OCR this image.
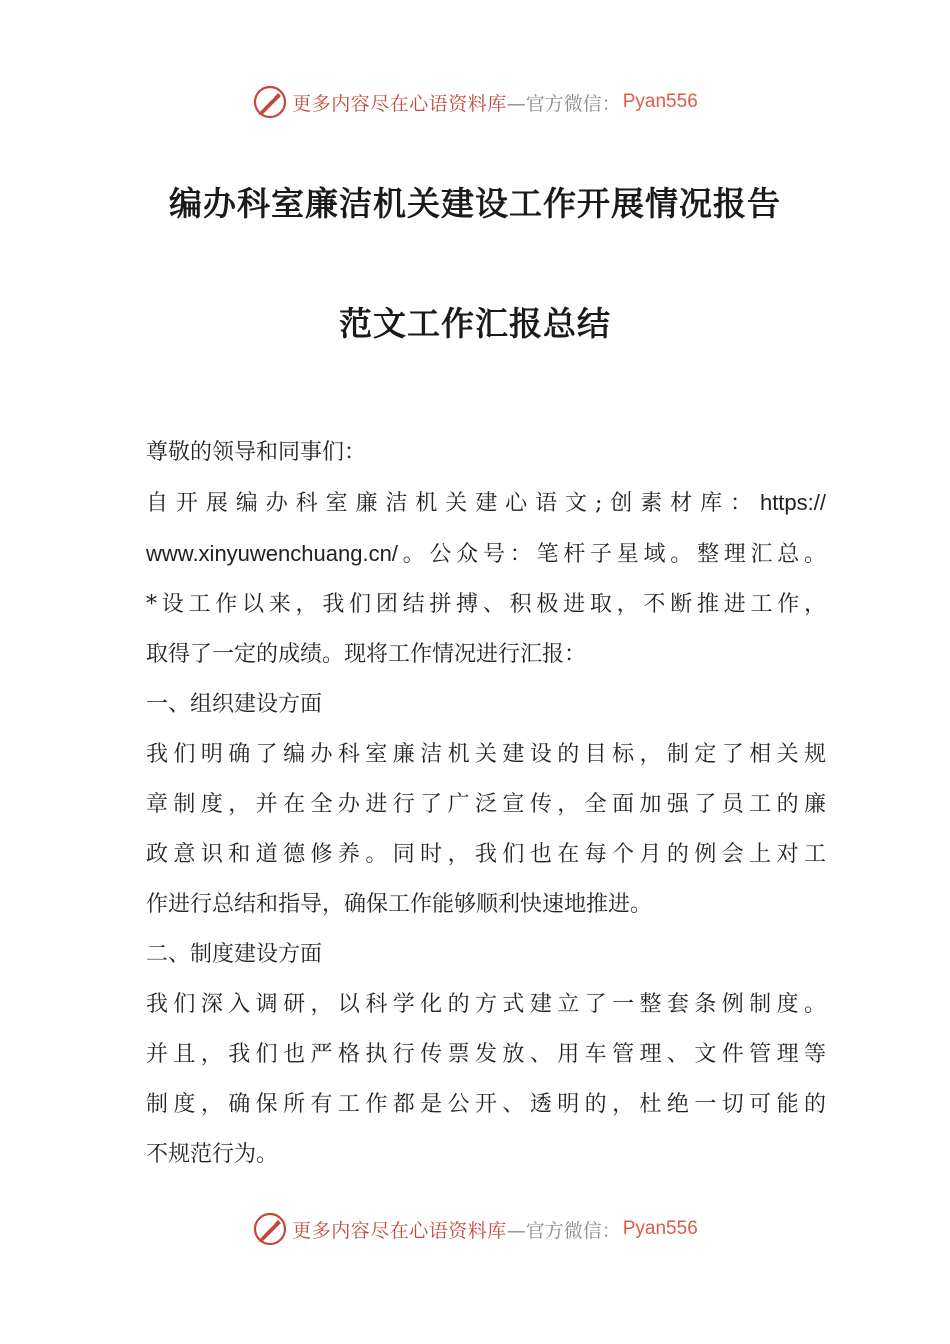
更多内容尽在心语资料库 —官方微信： Pyan556
编办科室廉洁机关建设工作开展情况报告
范文工作汇报总结

尊敬的领导和同事们：

自开展编办科室廉洁机关建心语文;创素材库：https://

www.xinyuwenchuang.cn/。公众号：笔杆子星域。整理汇总。

*设工作以来，我们团结拼搏、积极进取，不断推进工作，

取得了一定的成绩。现将工作情况进行汇报：

一、组织建设方面

我们明确了编办科室廉洁机关建设的目标，制定了相关规

章制度，并在全办进行了广泛宣传，全面加强了员工的廉

政意识和道德修养。同时，我们也在每个月的例会上对工

作进行总结和指导，确保工作能够顺利快速地推进。

二、制度建设方面

我们深入调研，以科学化的方式建立了一整套条例制度。

并且，我们也严格执行传票发放、用车管理、文件管理等

制度，确保所有工作都是公开、透明的，杜绝一切可能的

不规范行为。

更多内容尽在心语资料库 —官方微信： Pyan556
